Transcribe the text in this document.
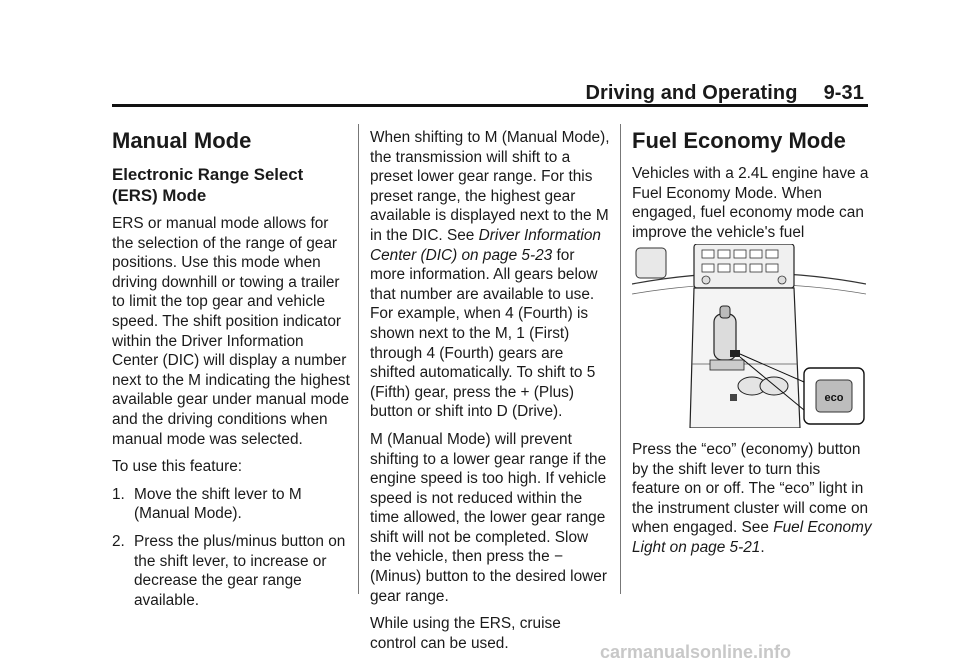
Driving and Operating 9-31
Manual Mode
Electronic Range Select
(ERS) Mode

ERS or manual mode allows for the selection of the range of gear positions. Use this mode when driving downhill or towing a trailer to limit the top gear and vehicle speed. The shift position indicator within the Driver Information Center (DIC) will display a number next to the M indicating the highest available gear under manual mode and the driving conditions when manual mode was selected.

To use this feature:

1. Move the shift lever to M (Manual Mode).
2. Press the plus/minus button on the shift lever, to increase or decrease the gear range available.

When shifting to M (Manual Mode), the transmission will shift to a preset lower gear range. For this preset range, the highest gear available is displayed next to the M in the DIC. See Driver Information Center (DIC) on page 5-23 for more information. All gears below that number are available to use. For example, when 4 (Fourth) is shown next to the M, 1 (First) through 4 (Fourth) gears are shifted automatically. To shift to 5 (Fifth) gear, press the + (Plus) button or shift into D (Drive).

M (Manual Mode) will prevent shifting to a lower gear range if the engine speed is too high. If vehicle speed is not reduced within the time allowed, the lower gear range shift will not be completed. Slow the vehicle, then press the − (Minus) button to the desired lower gear range.

While using the ERS, cruise control can be used.

Fuel Economy Mode

Vehicles with a 2.4L engine have a Fuel Economy Mode. When engaged, fuel economy mode can improve the vehicle's fuel

eco

Press the “eco” (economy) button by the shift lever to turn this feature on or off. The “eco” light in the instrument cluster will come on when engaged. See Fuel Economy Light on page 5-21.

carmanualsonline.info
